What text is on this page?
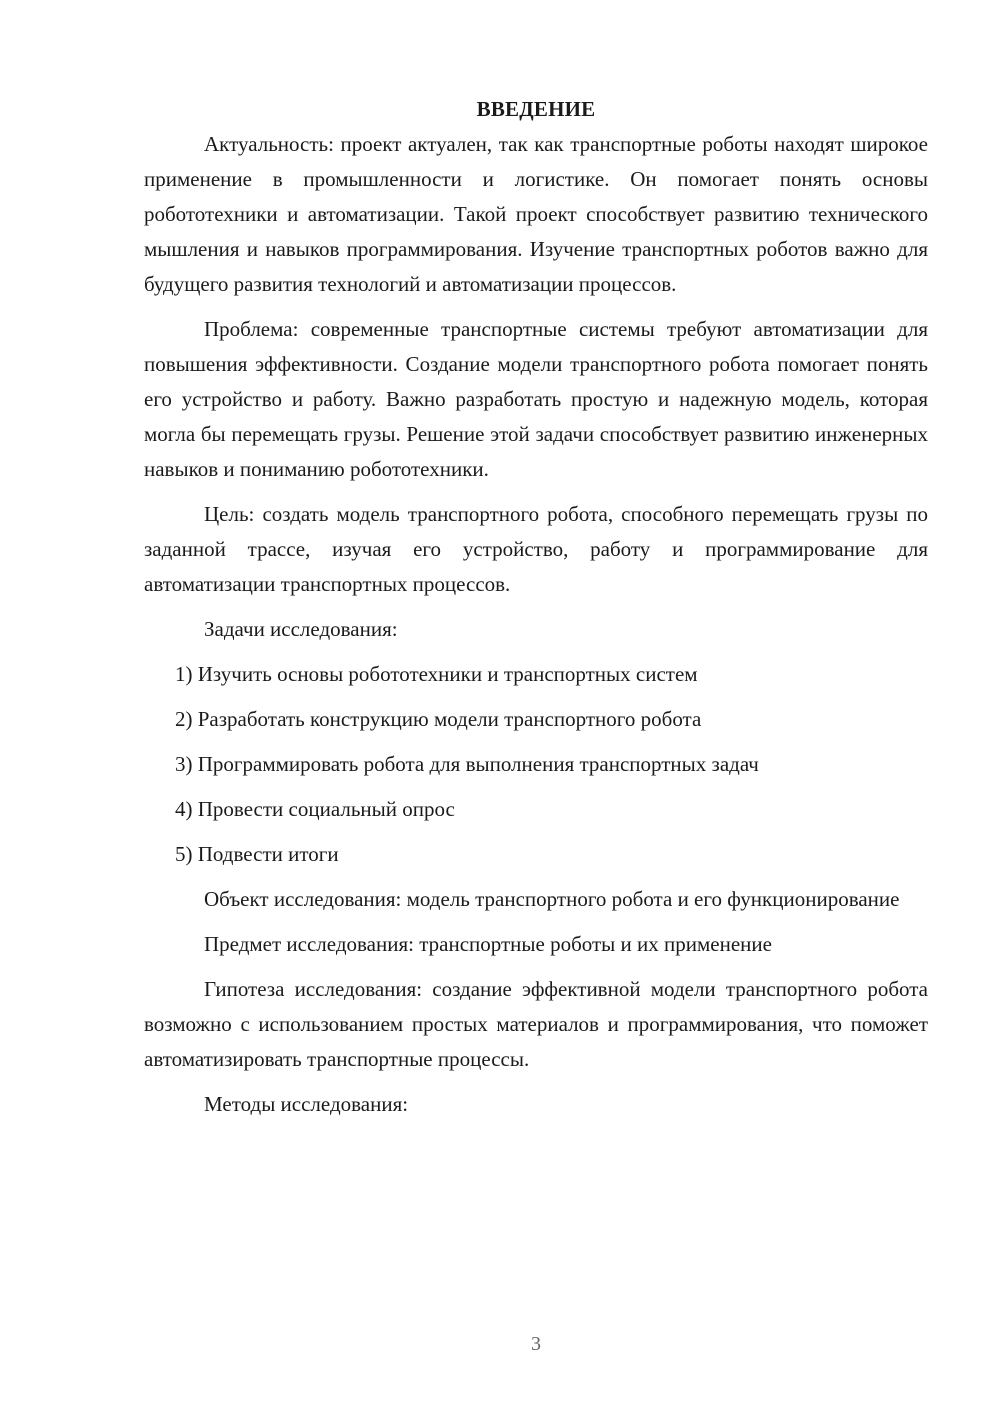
ВВЕДЕНИЕ

Актуальность: проект актуален, так как транспортные роботы находят широкое применение в промышленности и логистике. Он помогает понять основы робототехники и автоматизации. Такой проект способствует развитию технического мышления и навыков программирования. Изучение транспортных роботов важно для будущего развития технологий и автоматизации процессов.

Проблема: современные транспортные системы требуют автоматизации для повышения эффективности. Создание модели транспортного робота помогает понять его устройство и работу. Важно разработать простую и надежную модель, которая могла бы перемещать грузы. Решение этой задачи способствует развитию инженерных навыков и пониманию робототехники.

Цель: создать модель транспортного робота, способного перемещать грузы по заданной трассе, изучая его устройство, работу и программирование для автоматизации транспортных процессов.

Задачи исследования:

1) Изучить основы робототехники и транспортных систем
2) Разработать конструкцию модели транспортного робота
3) Программировать робота для выполнения транспортных задач
4) Провести социальный опрос
5) Подвести итоги

Объект исследования: модель транспортного робота и его функционирование

Предмет исследования: транспортные роботы и их применение

Гипотеза исследования: создание эффективной модели транспортного робота возможно с использованием простых материалов и программирования, что поможет автоматизировать транспортные процессы.

Методы исследования:

3
